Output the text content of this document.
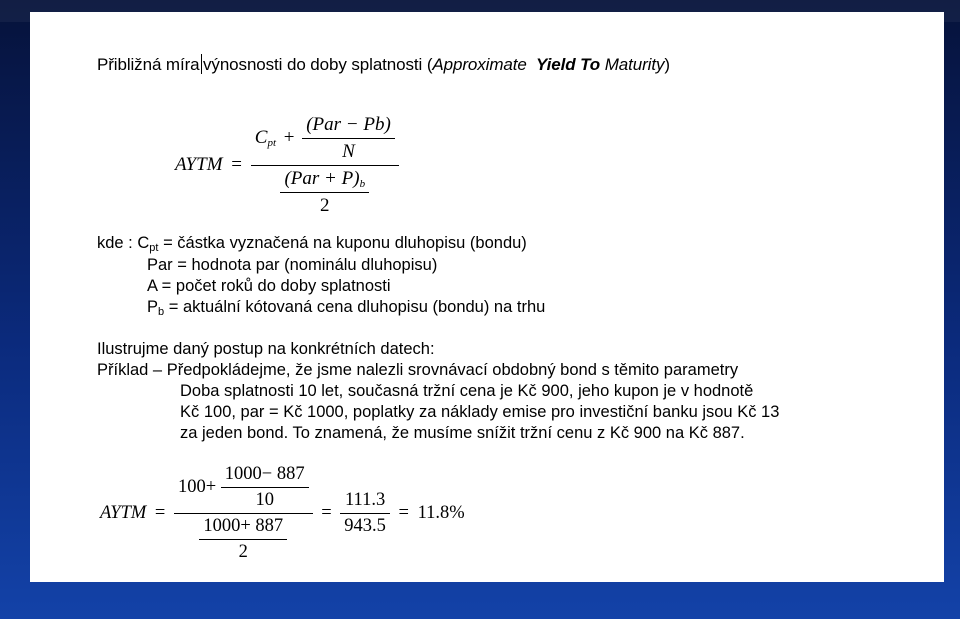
Přibližná míra výnosnosti do doby splatnosti (Approximate Yield To Maturity)
AYTM = $\frac{C_{pt} + \frac{\text{(Par − Pb)}}{N}}{\frac{(Par + P)_b}{2}}$
kde : $C_{pt}$ = částka vyznačená na kuponu dluhopisu (bondu)
Par = hodnota par (nominálu dluhopisu)
A = počet roků do doby splatnosti
$P_b$ = aktuální kótovaná cena dluhopisu (bondu) na trhu
Ilustrujme daný postup na konkrétních datech:
Příklad – Předpokládejme, že jsme nalezli srovnávací obdobný bond s těmito parametry
Doba splatnosti 10 let, současná tržní cena je Kč 900, jeho kupon je v hodnotě
Kč 100, par = Kč 1000, poplatky za náklady emise pro investiční banku jsou Kč 13
za jeden bond. To znamená, že musíme snížit tržní cenu z Kč 900 na Kč 887.
AYTM = $\frac{100+ \frac{1000- 887}{10}}{\frac{1000+ 887}{2}} = \frac{111.3}{943.5} = 11.8\%$
